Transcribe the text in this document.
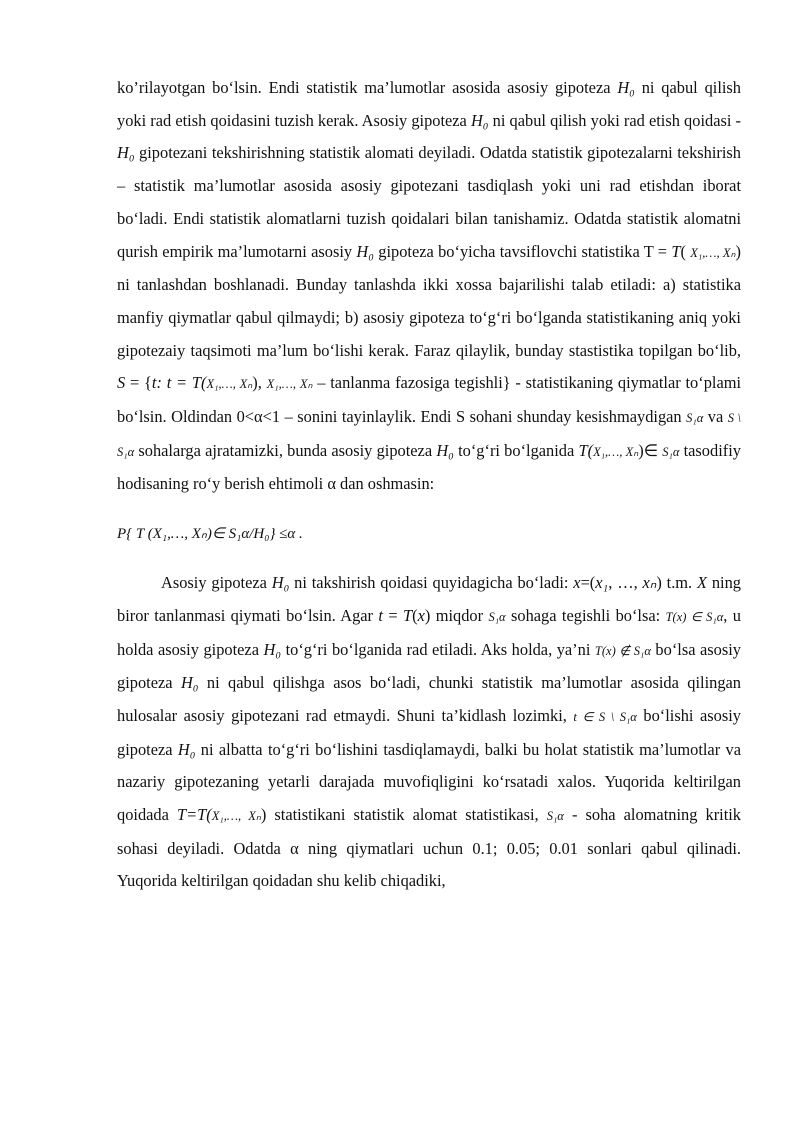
ko’rilayotgan bo‘lsin. Endi statistik ma’lumotlar asosida asosiy gipoteza H₀ ni qabul qilish yoki rad etish qoidasini tuzish kerak. Asosiy gipoteza H₀ ni qabul qilish yoki rad etish qoidasi - H₀ gipotezani tekshirishning statistik alomati deyiladi. Odatda statistik gipotezalarni tekshirish – statistik ma’lumotlar asosida asosiy gipotezani tasdiqlash yoki uni rad etishdan iborat bo‘ladi. Endi statistik alomatlarni tuzish qoidalari bilan tanishamiz. Odatda statistik alomatni qurish empirik ma’lumotarni asosiy H₀ gipoteza bo‘yicha tavsiflovchi statistika T = T( X₁,…, Xₙ) ni tanlashdan boshlanadi. Bunday tanlashda ikki xossa bajarilishi talab etiladi: a) statistika manfiy qiymatlar qabul qilmaydi; b) asosiy gipoteza to‘g‘ri bo‘lganda statistikaning aniq yoki gipotezaiy taqsimoti ma’lum bo‘lishi kerak. Faraz qilaylik, bunday stastistika topilgan bo‘lib, S = {t: t = T(X₁,…, Xₙ), X₁,…, Xₙ – tanlanma fazosiga tegishli} - statistikaning qiymatlar to‘plami bo‘lsin. Oldindan 0<α<1 – sonini tayinlaylik. Endi S sohani shunday kesishmaydigan S₁α va S \ S₁α sohalarga ajratamizki, bunda asosiy gipoteza H₀ to‘g‘ri bo‘lganida T(X₁,…, Xₙ)∈ S₁α tasodifiy hodisaning ro‘y berish ehtimoli α dan oshmasin:

P{ T (X₁,…, Xₙ)∈ S₁α/H₀} ≤α .

Asosiy gipoteza H₀ ni takshirish qoidasi quyidagicha bo‘ladi: x=(x₁, …, xₙ) t.m. X ning biror tanlanmasi qiymati bo‘lsin. Agar t = T(x) miqdor S₁α sohaga tegishli bo‘lsa: T(x) ∈ S₁α, u holda asosiy gipoteza H₀ to‘g‘ri bo‘lganida rad etiladi. Aks holda, ya’ni T(x) ∉ S₁α bo‘lsa asosiy gipoteza H₀ ni qabul qilishga asos bo‘ladi, chunki statistik ma’lumotlar asosida qilingan hulosalar asosiy gipotezani rad etmaydi. Shuni ta’kidlash lozimki, t ∈ S \ S₁α bo‘lishi asosiy gipoteza H₀ ni albatta to‘g‘ri bo‘lishini tasdiqlamaydi, balki bu holat statistik ma’lumotlar va nazariy gipotezaning yetarli darajada muvofiqligini ko‘rsatadi xalos. Yuqorida keltirilgan qoidada T=T(X₁,…, Xₙ) statistikani statistik alomat statistikasi, S₁α - soha alomatning kritik sohasi deyiladi. Odatda α ning qiymatlari uchun 0.1; 0.05; 0.01 sonlari qabul qilinadi. Yuqorida keltirilgan qoidadan shu kelib chiqadiki,
